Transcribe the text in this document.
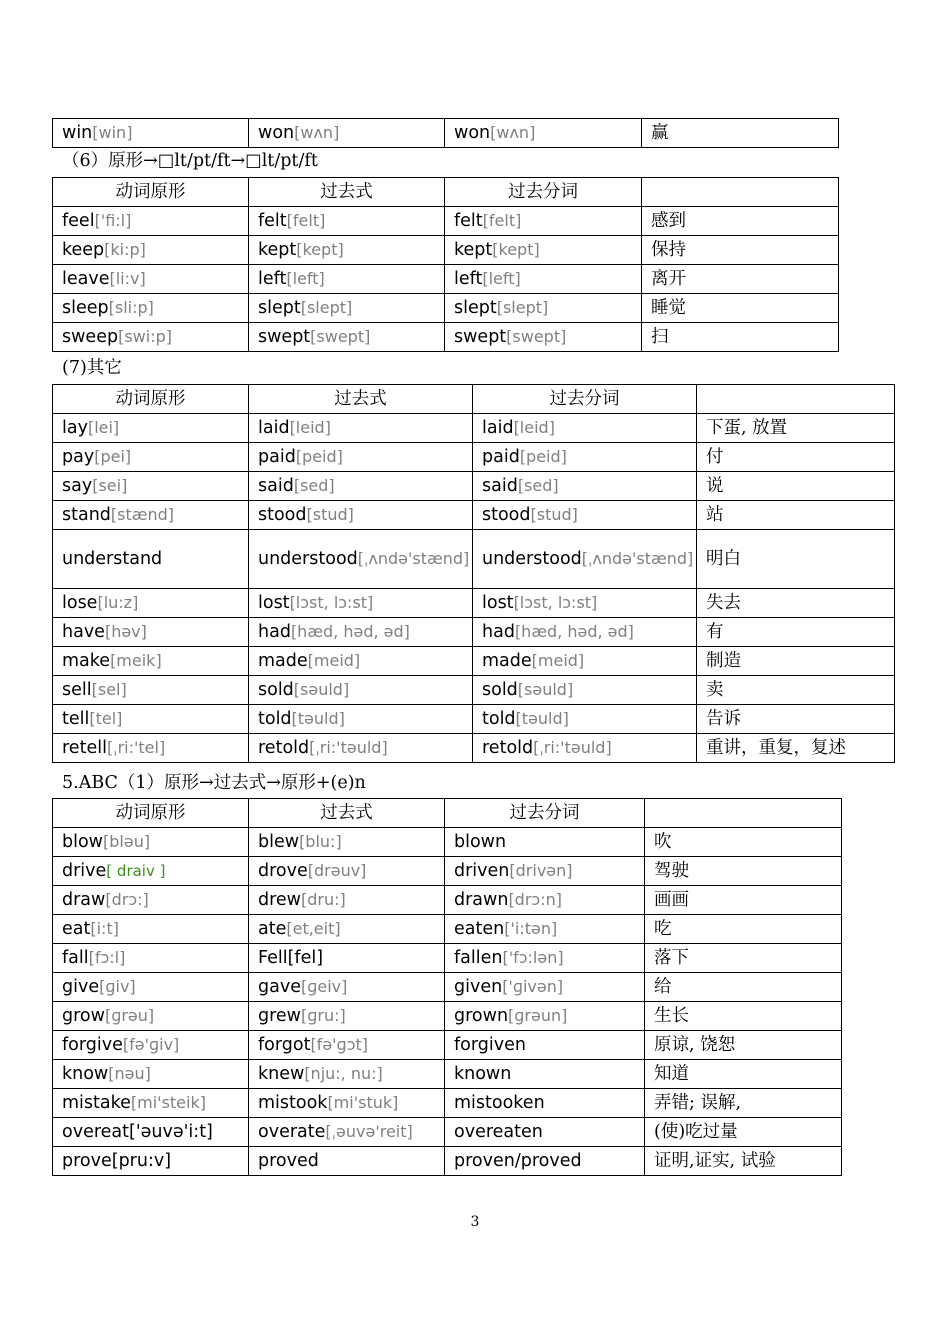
win[win]	won[wʌn]	won[wʌn]	赢
（6）原形→□lt/pt/ft→□lt/pt/ft
动词原形	过去式	过去分词	
feel['fi:l]	felt[felt]	felt[felt]	感到
keep[ki:p]	kept[kept]	kept[kept]	保持
leave[li:v]	left[left]	left[left]	离开
sleep[sli:p]	slept[slept]	slept[slept]	睡觉
sweep[swi:p]	swept[swept]	swept[swept]	扫
(7)其它
动词原形	过去式	过去分词	
lay[lei]	laid[leid]	laid[leid]	下蛋, 放置
pay[pei]	paid[peid]	paid[peid]	付
say[sei]	said[sed]	said[sed]	说
stand[stænd]	stood[stud]	stood[stud]	站
understand	understood[ˌʌndə'stænd]	understood[ˌʌndə'stænd]	明白
lose[lu:z]	lost[lɔst, lɔ:st]	lost[lɔst, lɔ:st]	失去
have[həv]	had[hæd, həd, əd]	had[hæd, həd, əd]	有
make[meik]	made[meid]	made[meid]	制造
sell[sel]	sold[səuld]	sold[səuld]	卖
tell[tel]	told[təuld]	told[təuld]	告诉
retell[ˌri:'tel]	retold[ˌri:'təuld]	retold[ˌri:'təuld]	重讲，重复，复述
5.ABC（1）原形→过去式→原形+(e)n
动词原形	过去式	过去分词	
blow[bləu]	blew[blu:]	blown	吹
drive[ draiv ]	drove[drəuv]	driven[drivən]	驾驶
draw[drɔ:]	drew[dru:]	drawn[drɔ:n]	画画
eat[i:t]	ate[et,eit]	eaten['i:tən]	吃
fall[fɔ:l]	Fell[fel]	fallen['fɔ:lən]	落下
give[ɡiv]	gave[ɡeiv]	given['ɡivən]	给
grow[ɡrəu]	grew[ɡru:]	grown[ɡrəun]	生长
forgive[fə'ɡiv]	forgot[fə'ɡɔt]	forgiven	原谅, 饶恕
know[nəu]	knew[nju:, nu:]	known	知道
mistake[mi'steik]	mistook[mi'stuk]	mistooken	弄错; 误解,
overeat['əuvə'i:t]	overate[ˌəuvə'reit]	overeaten	(使)吃过量
prove[pru:v]	proved	proven/proved	证明,证实, 试验
3
